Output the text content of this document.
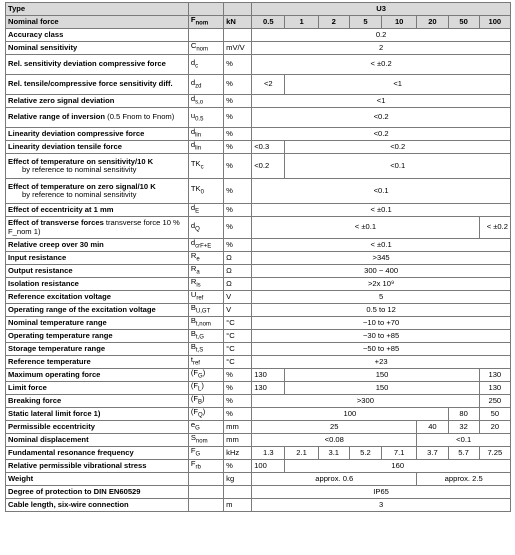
Type			U3							
Nominal force	$F_{nom}$	kN	0.5	1	2	5	10	20	50	100
Accuracy class			0.2							
Nominal sensitivity	$C_{nom}$	mV/V	2							
Rel. sensitivity deviation compressive force	$d_c$	%	< ±0.2							
Rel. tensile/compressive force sensitivity diff.	$d_{zd}$	%	<2	<1						
Relative zero signal deviation	$d_{s,o}$	%	<1							
Relative range of inversion (0.5 Fnom to Fnom)	$u_{0.5}$	%	<0.2							
Linearity deviation compressive force	$d_{lin}$	%	<0.2							
Linearity deviation tensile force	$d_{lin}$	%	<0.3	<0.2						
Effect of temperature on sensitivity/10 K
by reference to nominal sensitivity	$TK_c$	%	<0.2	<0.1						
Effect of temperature on zero signal/10 K
by reference to nominal sensitivity	$TK_0$	%	<0.1							
Effect of eccentricity at 1 mm	$d_E$	%	< ±0.1							
Effect of transverse forces transverse force 10 % F_nom 1)	$d_Q$	%	< ±0.1							< ±0.2
Relative creep over 30 min	$d_{crF+E}$	%	< ±0.1							
Input resistance	$R_e$	Ω	>345							
Output resistance	$R_a$	Ω	300 − 400							
Isolation resistance	$R_{is}$	Ω	>2x 10⁹							
Reference excitation voltage	$U_{ref}$	V	5							
Operating range of the excitation voltage	$B_{U,GT}$	V	0.5 to 12							
Nominal temperature range	$B_{t,nom}$	°C	−10 to +70							
Operating temperature range	$B_{t,G}$	°C	−30 to +85							
Storage temperature range	$B_{t,S}$	°C	−50 to +85							
Reference temperature	$t_{ref}$	°C	+23							
Maximum operating force	$(F_G)$	%	130	150						130
Limit force	$(F_L)$	%	130	150						130
Breaking force	$(F_B)$	%	>300							250
Static lateral limit force 1)	$(F_Q)$	%	100						80	50
Permissible eccentricity	$e_G$	mm	25					40	32	20
Nominal displacement	$S_{nom}$	mm	<0.08					<0.1		
Fundamental resonance frequency	$F_G$	kHz	1.3	2.1	3.1	5.2	7.1	3.7	5.7	7.25
Relative permissible vibrational stress	$F_{rb}$	%	100	160						
Weight		kg	approx. 0.6					approx. 2.5		
Degree of protection to DIN EN60529			IP65							
Cable length, six-wire connection		m	3							
